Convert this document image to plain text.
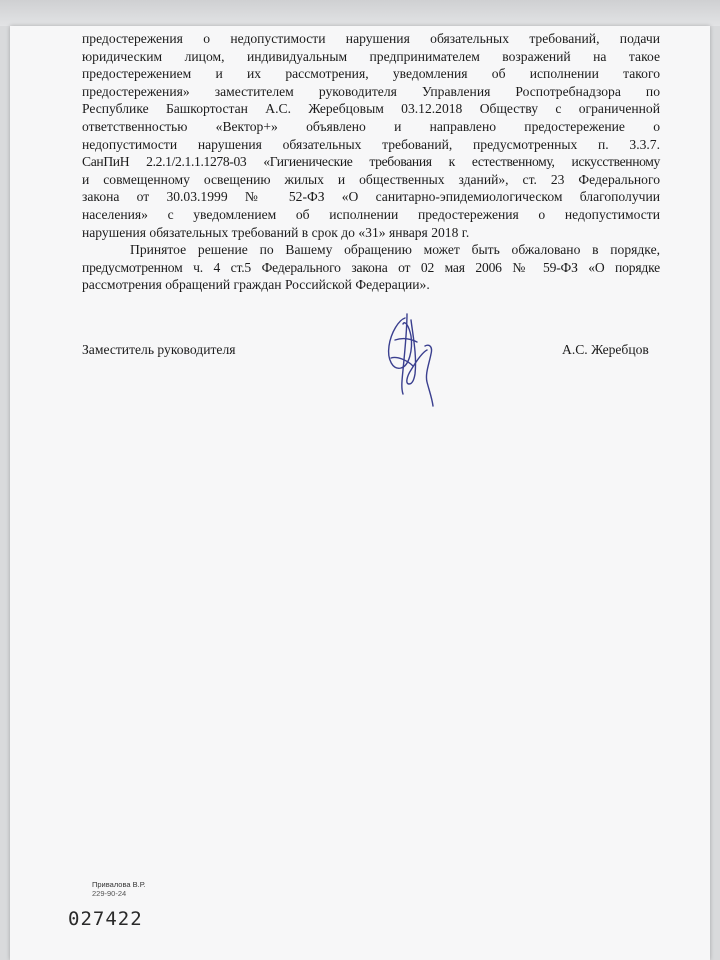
предостережения о недопустимости нарушения обязательных требований, подачи
юридическим лицом, индивидуальным предпринимателем возражений на такое
предостережением и их рассмотрения, уведомления об исполнении такого
предостережения» заместителем руководителя Управления Роспотребнадзора по
Республике Башкортостан А.С. Жеребцовым 03.12.2018 Обществу с ограниченной
ответственностью «Вектор+» объявлено и направлено предостережение о
недопустимости нарушения обязательных требований, предусмотренных п. 3.3.7.
СанПиН 2.2.1/2.1.1.1278-03 «Гигиенические требования к естественному, искусственному
и совмещенному освещению жилых и общественных зданий», ст. 23 Федерального
закона от 30.03.1999 № 52-ФЗ «О санитарно-эпидемиологическом благополучии
населения» с уведомлением об исполнении предостережения о недопустимости
нарушения обязательных требований в срок до «31» января 2018 г.
Принятое решение по Вашему обращению может быть обжаловано в порядке,
предусмотренном ч. 4 ст.5 Федерального закона от 02 мая 2006 № 59-ФЗ «О порядке
рассмотрения обращений граждан Российской Федерации».
Заместитель руководителя	А.С. Жеребцов
Привалова В.Р.
229-90-24
027422
